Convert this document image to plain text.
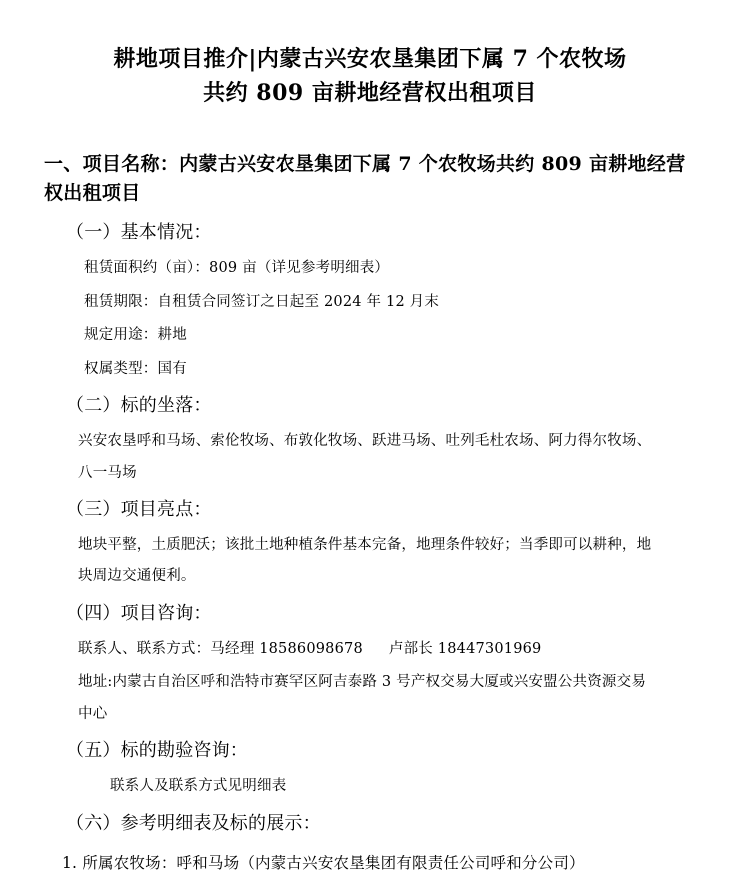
耕地项目推介|内蒙古兴安农垦集团下属 7 个农牧场
共约 809 亩耕地经营权出租项目
一、项目名称：内蒙古兴安农垦集团下属 7 个农牧场共约 809 亩耕地经营权出租项目
（一）基本情况：
租赁面积约（亩）：809 亩（详见参考明细表）
租赁期限：自租赁合同签订之日起至 2024 年 12 月末
规定用途：耕地
权属类型：国有
（二）标的坐落：
兴安农垦呼和马场、索伦牧场、布敦化牧场、跃进马场、吐列毛杜农场、阿力得尔牧场、
八一马场
（三）项目亮点：
地块平整，土质肥沃；该批土地种植条件基本完备，地理条件较好；当季即可以耕种，地
块周边交通便利。
（四）项目咨询：
联系人、联系方式：马经理 18586098678 卢部长 18447301969
地址:内蒙古自治区呼和浩特市赛罕区阿吉泰路 3 号产权交易大厦或兴安盟公共资源交易
中心
（五）标的勘验咨询：
联系人及联系方式见明细表
（六）参考明细表及标的展示：
1. 所属农牧场：呼和马场（内蒙古兴安农垦集团有限责任公司呼和分公司）
